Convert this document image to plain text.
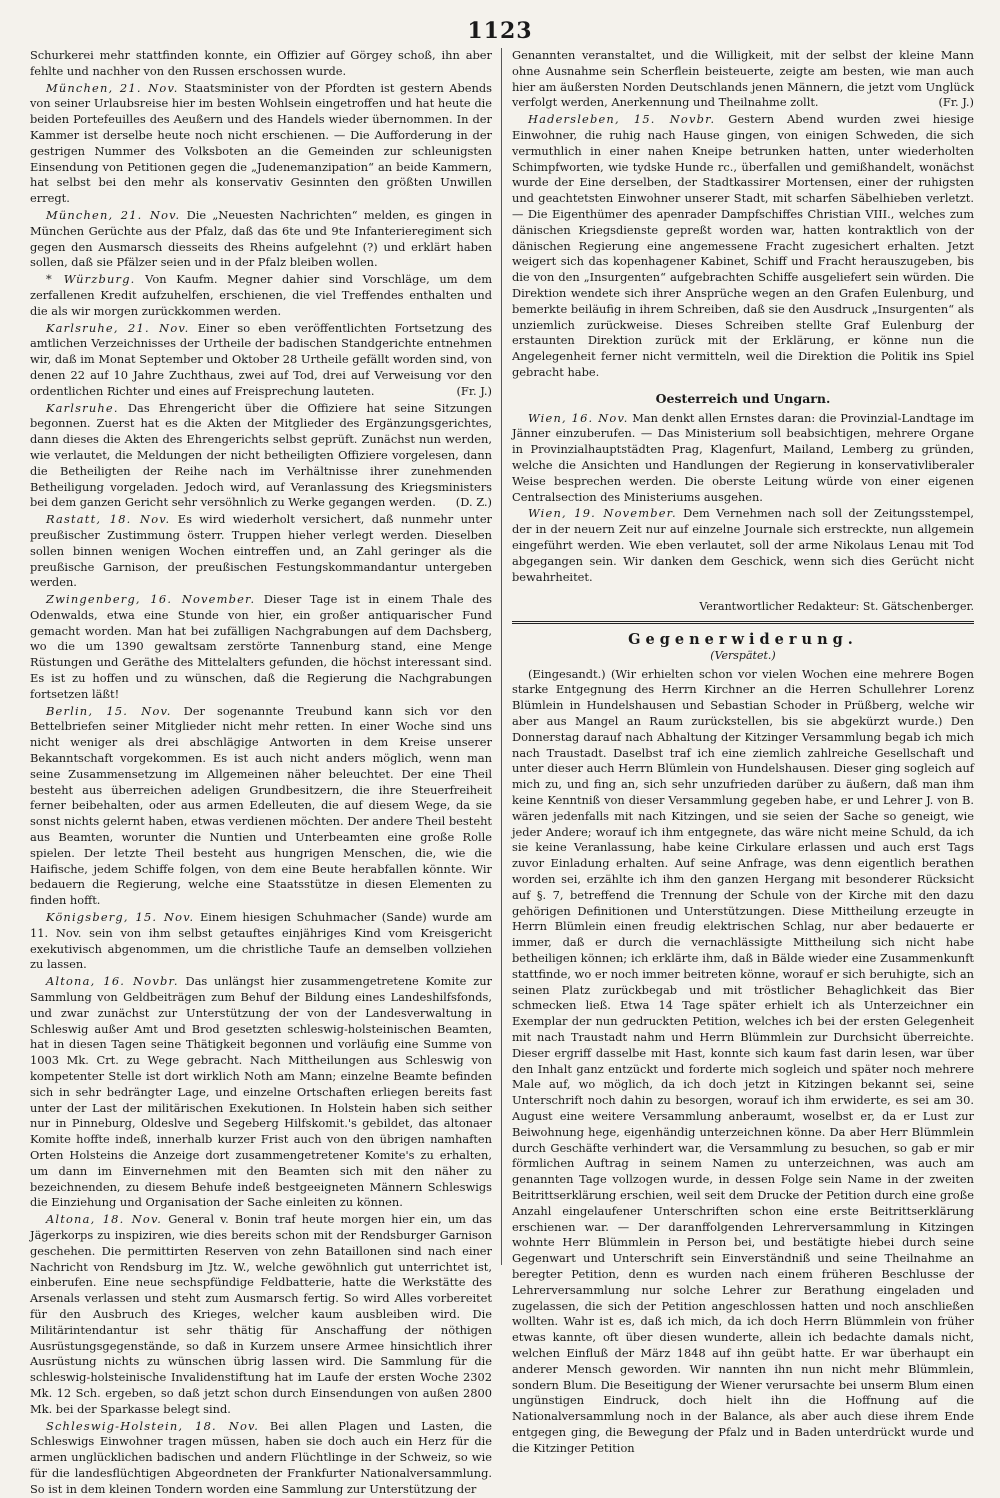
1123

Schurkerei mehr stattfinden konnte, ein Offizier auf Görgey schoß, ihn aber fehlte und nachher von den Russen erschossen wurde.

München, 21. Nov. Staatsminister von der Pfordten ist gestern Abends von seiner Urlaubsreise hier im besten Wohlsein eingetroffen und hat heute die beiden Portefeuilles des Aeußern und des Handels wieder übernommen. In der Kammer ist derselbe heute noch nicht erschienen. — Die Aufforderung in der gestrigen Nummer des Volksboten an die Gemeinden zur schleunigsten Einsendung von Petitionen gegen die „Judenemanzipation“ an beide Kammern, hat selbst bei den mehr als konservativ Gesinnten den größten Unwillen erregt.

München, 21. Nov. Die „Neuesten Nachrichten“ melden, es gingen in München Gerüchte aus der Pfalz, daß das 6te und 9te Infanterieregiment sich gegen den Ausmarsch diesseits des Rheins aufgelehnt (?) und erklärt haben sollen, daß sie Pfälzer seien und in der Pfalz bleiben wollen.

* Würzburg. Von Kaufm. Megner dahier sind Vorschläge, um dem zerfallenen Kredit aufzuhelfen, erschienen, die viel Treffendes enthalten und die als wir morgen zurückkommen werden.

Karlsruhe, 21. Nov. Einer so eben veröffentlichten Fortsetzung des amtlichen Verzeichnisses der Urtheile der badischen Standgerichte entnehmen wir, daß im Monat September und Oktober 28 Urtheile gefällt worden sind, von denen 22 auf 10 Jahre Zuchthaus, zwei auf Tod, drei auf Verweisung vor den ordentlichen Richter und eines auf Freisprechung lauteten.	(Fr. J.)

Karlsruhe. Das Ehrengericht über die Offiziere hat seine Sitzungen begonnen. Zuerst hat es die Akten der Mitglieder des Ergänzungsgerichtes, dann dieses die Akten des Ehrengerichts selbst geprüft. Zunächst nun werden, wie verlautet, die Meldungen der nicht betheiligten Offiziere vorgelesen, dann die Betheiligten der Reihe nach im Verhältnisse ihrer zunehmenden Betheiligung vorgeladen. Jedoch wird, auf Veranlassung des Kriegsministers bei dem ganzen Gericht sehr versöhnlich zu Werke gegangen werden.	(D. Z.)

Rastatt, 18. Nov. Es wird wiederholt versichert, daß nunmehr unter preußischer Zustimmung österr. Truppen hieher verlegt werden. Dieselben sollen binnen wenigen Wochen eintreffen und, an Zahl geringer als die preußische Garnison, der preußischen Festungskommandantur untergeben werden.

Zwingenberg, 16. November. Dieser Tage ist in einem Thale des Odenwalds, etwa eine Stunde von hier, ein großer antiquarischer Fund gemacht worden. Man hat bei zufälligen Nachgrabungen auf dem Dachsberg, wo die um 1390 gewaltsam zerstörte Tannenburg stand, eine Menge Rüstungen und Geräthe des Mittelalters gefunden, die höchst interessant sind. Es ist zu hoffen und zu wünschen, daß die Regierung die Nachgrabungen fortsetzen läßt!

Berlin, 15. Nov. Der sogenannte Treubund kann sich vor den Bettelbriefen seiner Mitglieder nicht mehr retten. In einer Woche sind uns nicht weniger als drei abschlägige Antworten in dem Kreise unserer Bekanntschaft vorgekommen. Es ist auch nicht anders möglich, wenn man seine Zusammensetzung im Allgemeinen näher beleuchtet. Der eine Theil besteht aus überreichen adeligen Grundbesitzern, die ihre Steuerfreiheit ferner beibehalten, oder aus armen Edelleuten, die auf diesem Wege, da sie sonst nichts gelernt haben, etwas verdienen möchten. Der andere Theil besteht aus Beamten, worunter die Nuntien und Unterbeamten eine große Rolle spielen. Der letzte Theil besteht aus hungrigen Menschen, die, wie die Haifische, jedem Schiffe folgen, von dem eine Beute herabfallen könnte. Wir bedauern die Regierung, welche eine Staatsstütze in diesen Elementen zu finden hofft.

Königsberg, 15. Nov. Einem hiesigen Schuhmacher (Sande) wurde am 11. Nov. sein von ihm selbst getauftes einjähriges Kind vom Kreisgericht exekutivisch abgenommen, um die christliche Taufe an demselben vollziehen zu lassen.

Altona, 16. Novbr. Das unlängst hier zusammengetretene Komite zur Sammlung von Geldbeiträgen zum Behuf der Bildung eines Landeshilfsfonds, und zwar zunächst zur Unterstützung der von der Landesverwaltung in Schleswig außer Amt und Brod gesetzten schleswig-holsteinischen Beamten, hat in diesen Tagen seine Thätigkeit begonnen und vorläufig eine Summe von 1003 Mk. Crt. zu Wege gebracht. Nach Mittheilungen aus Schleswig von kompetenter Stelle ist dort wirklich Noth am Mann; einzelne Beamte befinden sich in sehr bedrängter Lage, und einzelne Ortschaften erliegen bereits fast unter der Last der militärischen Exekutionen. In Holstein haben sich seither nur in Pinneburg, Oldeslve und Segeberg Hilfskomit.'s gebildet, das altonaer Komite hoffte indeß, innerhalb kurzer Frist auch von den übrigen namhaften Orten Holsteins die Anzeige dort zusammengetretener Komite's zu erhalten, um dann im Einvernehmen mit den Beamten sich mit den näher zu bezeichnenden, zu diesem Behufe indeß bestgeeigneten Männern Schleswigs die Einziehung und Organisation der Sache einleiten zu können.

Altona, 18. Nov. General v. Bonin traf heute morgen hier ein, um das Jägerkorps zu inspiziren, wie dies bereits schon mit der Rendsburger Garnison geschehen. Die permittirten Reserven von zehn Bataillonen sind nach einer Nachricht von Rendsburg im Jtz. W., welche gewöhnlich gut unterrichtet ist, einberufen. Eine neue sechspfündige Feldbatterie, hatte die Werkstätte des Arsenals verlassen und steht zum Ausmarsch fertig. So wird Alles vorbereitet für den Ausbruch des Krieges, welcher kaum ausbleiben wird. Die Militärintendantur ist sehr thätig für Anschaffung der nöthigen Ausrüstungsgegenstände, so daß in Kurzem unsere Armee hinsichtlich ihrer Ausrüstung nichts zu wünschen übrig lassen wird. Die Sammlung für die schleswig-holsteinische Invalidenstiftung hat im Laufe der ersten Woche 2302 Mk. 12 Sch. ergeben, so daß jetzt schon durch Einsendungen von außen 2800 Mk. bei der Sparkasse belegt sind.

Schleswig-Holstein, 18. Nov. Bei allen Plagen und Lasten, die Schleswigs Einwohner tragen müssen, haben sie doch auch ein Herz für die armen unglücklichen badischen und andern Flüchtlinge in der Schweiz, so wie für die landesflüchtigen Abgeordneten der Frankfurter Nationalversammlung. So ist in dem kleinen Tondern worden eine Sammlung zur Unterstützung der

Genannten veranstaltet, und die Willigkeit, mit der selbst der kleine Mann ohne Ausnahme sein Scherflein beisteuerte, zeigte am besten, wie man auch hier am äußersten Norden Deutschlands jenen Männern, die jetzt vom Unglück verfolgt werden, Anerkennung und Theilnahme zollt.	(Fr. J.)

Hadersleben, 15. Novbr. Gestern Abend wurden zwei hiesige Einwohner, die ruhig nach Hause gingen, von einigen Schweden, die sich vermuthlich in einer nahen Kneipe betrunken hatten, unter wiederholten Schimpfworten, wie tydske Hunde rc., überfallen und gemißhandelt, wonächst wurde der Eine derselben, der Stadtkassirer Mortensen, einer der ruhigsten und geachtetsten Einwohner unserer Stadt, mit scharfen Säbelhieben verletzt. — Die Eigenthümer des apenrader Dampfschiffes Christian VIII., welches zum dänischen Kriegsdienste gepreßt worden war, hatten kontraktlich von der dänischen Regierung eine angemessene Fracht zugesichert erhalten. Jetzt weigert sich das kopenhagener Kabinet, Schiff und Fracht herauszugeben, bis die von den „Insurgenten“ aufgebrachten Schiffe ausgeliefert sein würden. Die Direktion wendete sich ihrer Ansprüche wegen an den Grafen Eulenburg, und bemerkte beiläufig in ihrem Schreiben, daß sie den Ausdruck „Insurgenten“ als unziemlich zurückweise. Dieses Schreiben stellte Graf Eulenburg der erstaunten Direktion zurück mit der Erklärung, er könne nun die Angelegenheit ferner nicht vermitteln, weil die Direktion die Politik ins Spiel gebracht habe.

Oesterreich und Ungarn.

Wien, 16. Nov. Man denkt allen Ernstes daran: die Provinzial-Landtage im Jänner einzuberufen. — Das Ministerium soll beabsichtigen, mehrere Organe in Provinzialhauptstädten Prag, Klagenfurt, Mailand, Lemberg zu gründen, welche die Ansichten und Handlungen der Regierung in konservativliberaler Weise besprechen werden. Die oberste Leitung würde von einer eigenen Centralsection des Ministeriums ausgehen.

Wien, 19. November. Dem Vernehmen nach soll der Zeitungsstempel, der in der neuern Zeit nur auf einzelne Journale sich erstreckte, nun allgemein eingeführt werden. Wie eben verlautet, soll der arme Nikolaus Lenau mit Tod abgegangen sein. Wir danken dem Geschick, wenn sich dies Gerücht nicht bewahrheitet.

Verantwortlicher Redakteur: St. Gätschenberger.
Gegenerwiderung.
(Verspätet.)

(Eingesandt.) (Wir erhielten schon vor vielen Wochen eine mehrere Bogen starke Entgegnung des Herrn Kirchner an die Herren Schullehrer Lorenz Blümlein in Hundelshausen und Sebastian Schoder in Prüßberg, welche wir aber aus Mangel an Raum zurückstellen, bis sie abgekürzt wurde.) Den Donnerstag darauf nach Abhaltung der Kitzinger Versammlung begab ich mich nach Traustadt. Daselbst traf ich eine ziemlich zahlreiche Gesellschaft und unter dieser auch Herrn Blümlein von Hundelshausen. Dieser ging sogleich auf mich zu, und fing an, sich sehr unzufrieden darüber zu äußern, daß man ihm keine Kenntniß von dieser Versammlung gegeben habe, er und Lehrer J. von B. wären jedenfalls mit nach Kitzingen, und sie seien der Sache so geneigt, wie jeder Andere; worauf ich ihm entgegnete, das wäre nicht meine Schuld, da ich sie keine Veranlassung, habe keine Cirkulare erlassen und auch erst Tags zuvor Einladung erhalten. Auf seine Anfrage, was denn eigentlich berathen worden sei, erzählte ich ihm den ganzen Hergang mit besonderer Rücksicht auf §. 7, betreffend die Trennung der Schule von der Kirche mit den dazu gehörigen Definitionen und Unterstützungen. Diese Mittheilung erzeugte in Herrn Blümlein einen freudig elektrischen Schlag, nur aber bedauerte er immer, daß er durch die vernachlässigte Mittheilung sich nicht habe betheiligen können; ich erklärte ihm, daß in Bälde wieder eine Zusammenkunft stattfinde, wo er noch immer beitreten könne, worauf er sich beruhigte, sich an seinen Platz zurückbegab und mit tröstlicher Behaglichkeit das Bier schmecken ließ. Etwa 14 Tage später erhielt ich als Unterzeichner ein Exemplar der nun gedruckten Petition, welches ich bei der ersten Gelegenheit mit nach Traustadt nahm und Herrn Blümmlein zur Durchsicht überreichte. Dieser ergriff dasselbe mit Hast, konnte sich kaum fast darin lesen, war über den Inhalt ganz entzückt und forderte mich sogleich und später noch mehrere Male auf, wo möglich, da ich doch jetzt in Kitzingen bekannt sei, seine Unterschrift noch dahin zu besorgen, worauf ich ihm erwiderte, es sei am 30. August eine weitere Versammlung anberaumt, woselbst er, da er Lust zur Beiwohnung hege, eigenhändig unterzeichnen könne. Da aber Herr Blümmlein durch Geschäfte verhindert war, die Versammlung zu besuchen, so gab er mir förmlichen Auftrag in seinem Namen zu unterzeichnen, was auch am genannten Tage vollzogen wurde, in dessen Folge sein Name in der zweiten Beitrittserklärung erschien, weil seit dem Drucke der Petition durch eine große Anzahl eingelaufener Unterschriften schon eine erste Beitrittserklärung erschienen war. — Der daranffolgenden Lehrerversammlung in Kitzingen wohnte Herr Blümmlein in Person bei, und bestätigte hiebei durch seine Gegenwart und Unterschrift sein Einverständniß und seine Theilnahme an beregter Petition, denn es wurden nach einem früheren Beschlusse der Lehrerversammlung nur solche Lehrer zur Berathung eingeladen und zugelassen, die sich der Petition angeschlossen hatten und noch anschließen wollten. Wahr ist es, daß ich mich, da ich doch Herrn Blümmlein von früher etwas kannte, oft über diesen wunderte, allein ich bedachte damals nicht, welchen Einfluß der März 1848 auf ihn geübt hatte. Er war überhaupt ein anderer Mensch geworden. Wir nannten ihn nun nicht mehr Blümmlein, sondern Blum. Die Beseitigung der Wiener verursachte bei unserm Blum einen ungünstigen Eindruck, doch hielt ihn die Hoffnung auf die Nationalversammlung noch in der Balance, als aber auch diese ihrem Ende entgegen ging, die Bewegung der Pfalz und in Baden unterdrückt wurde und die Kitzinger Petition
